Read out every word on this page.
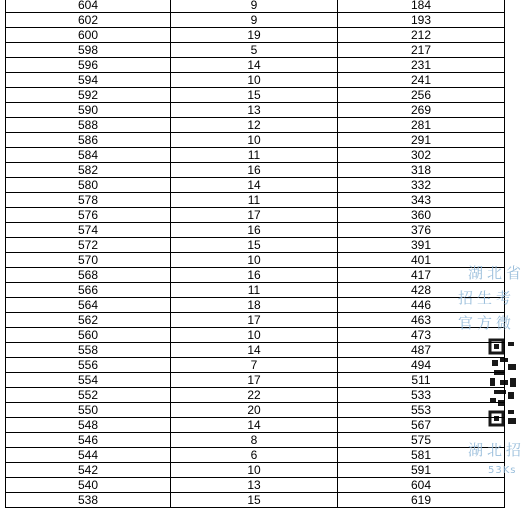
604	9	184
602	9	193
600	19	212
598	5	217
596	14	231
594	10	241
592	15	256
590	13	269
588	12	281
586	10	291
584	11	302
582	16	318
580	14	332
578	11	343
576	17	360
574	16	376
572	15	391
570	10	401
568	16	417
566	11	428
564	18	446
562	17	463
560	10	473
558	14	487
556	7	494
554	17	511
552	22	533
550	20	553
548	14	567
546	8	575
544	6	581
542	10	591
540	13	604
538	15	619
湖北省
招生考
官方微
湖北招
53Ks
